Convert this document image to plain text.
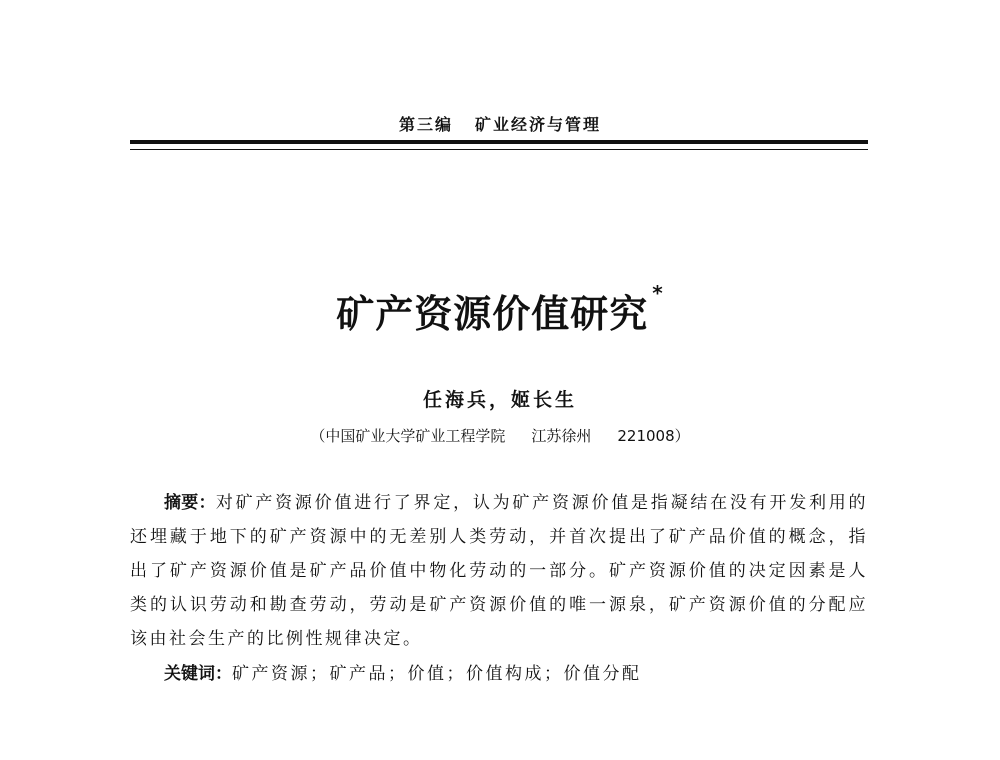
第三编 矿业经济与管理
矿产资源价值研究 *
任海兵，姬长生
（中国矿业大学矿业工程学院 江苏徐州 221008）
摘要：对矿产资源价值进行了界定，认为矿产资源价值是指凝结在没有开发利用的还埋藏于地下的矿产资源中的无差别人类劳动，并首次提出了矿产品价值的概念，指出了矿产资源价值是矿产品价值中物化劳动的一部分。矿产资源价值的决定因素是人类的认识劳动和勘查劳动，劳动是矿产资源价值的唯一源泉，矿产资源价值的分配应该由社会生产的比例性规律决定。
关键词：矿产资源；矿产品；价值；价值构成；价值分配
